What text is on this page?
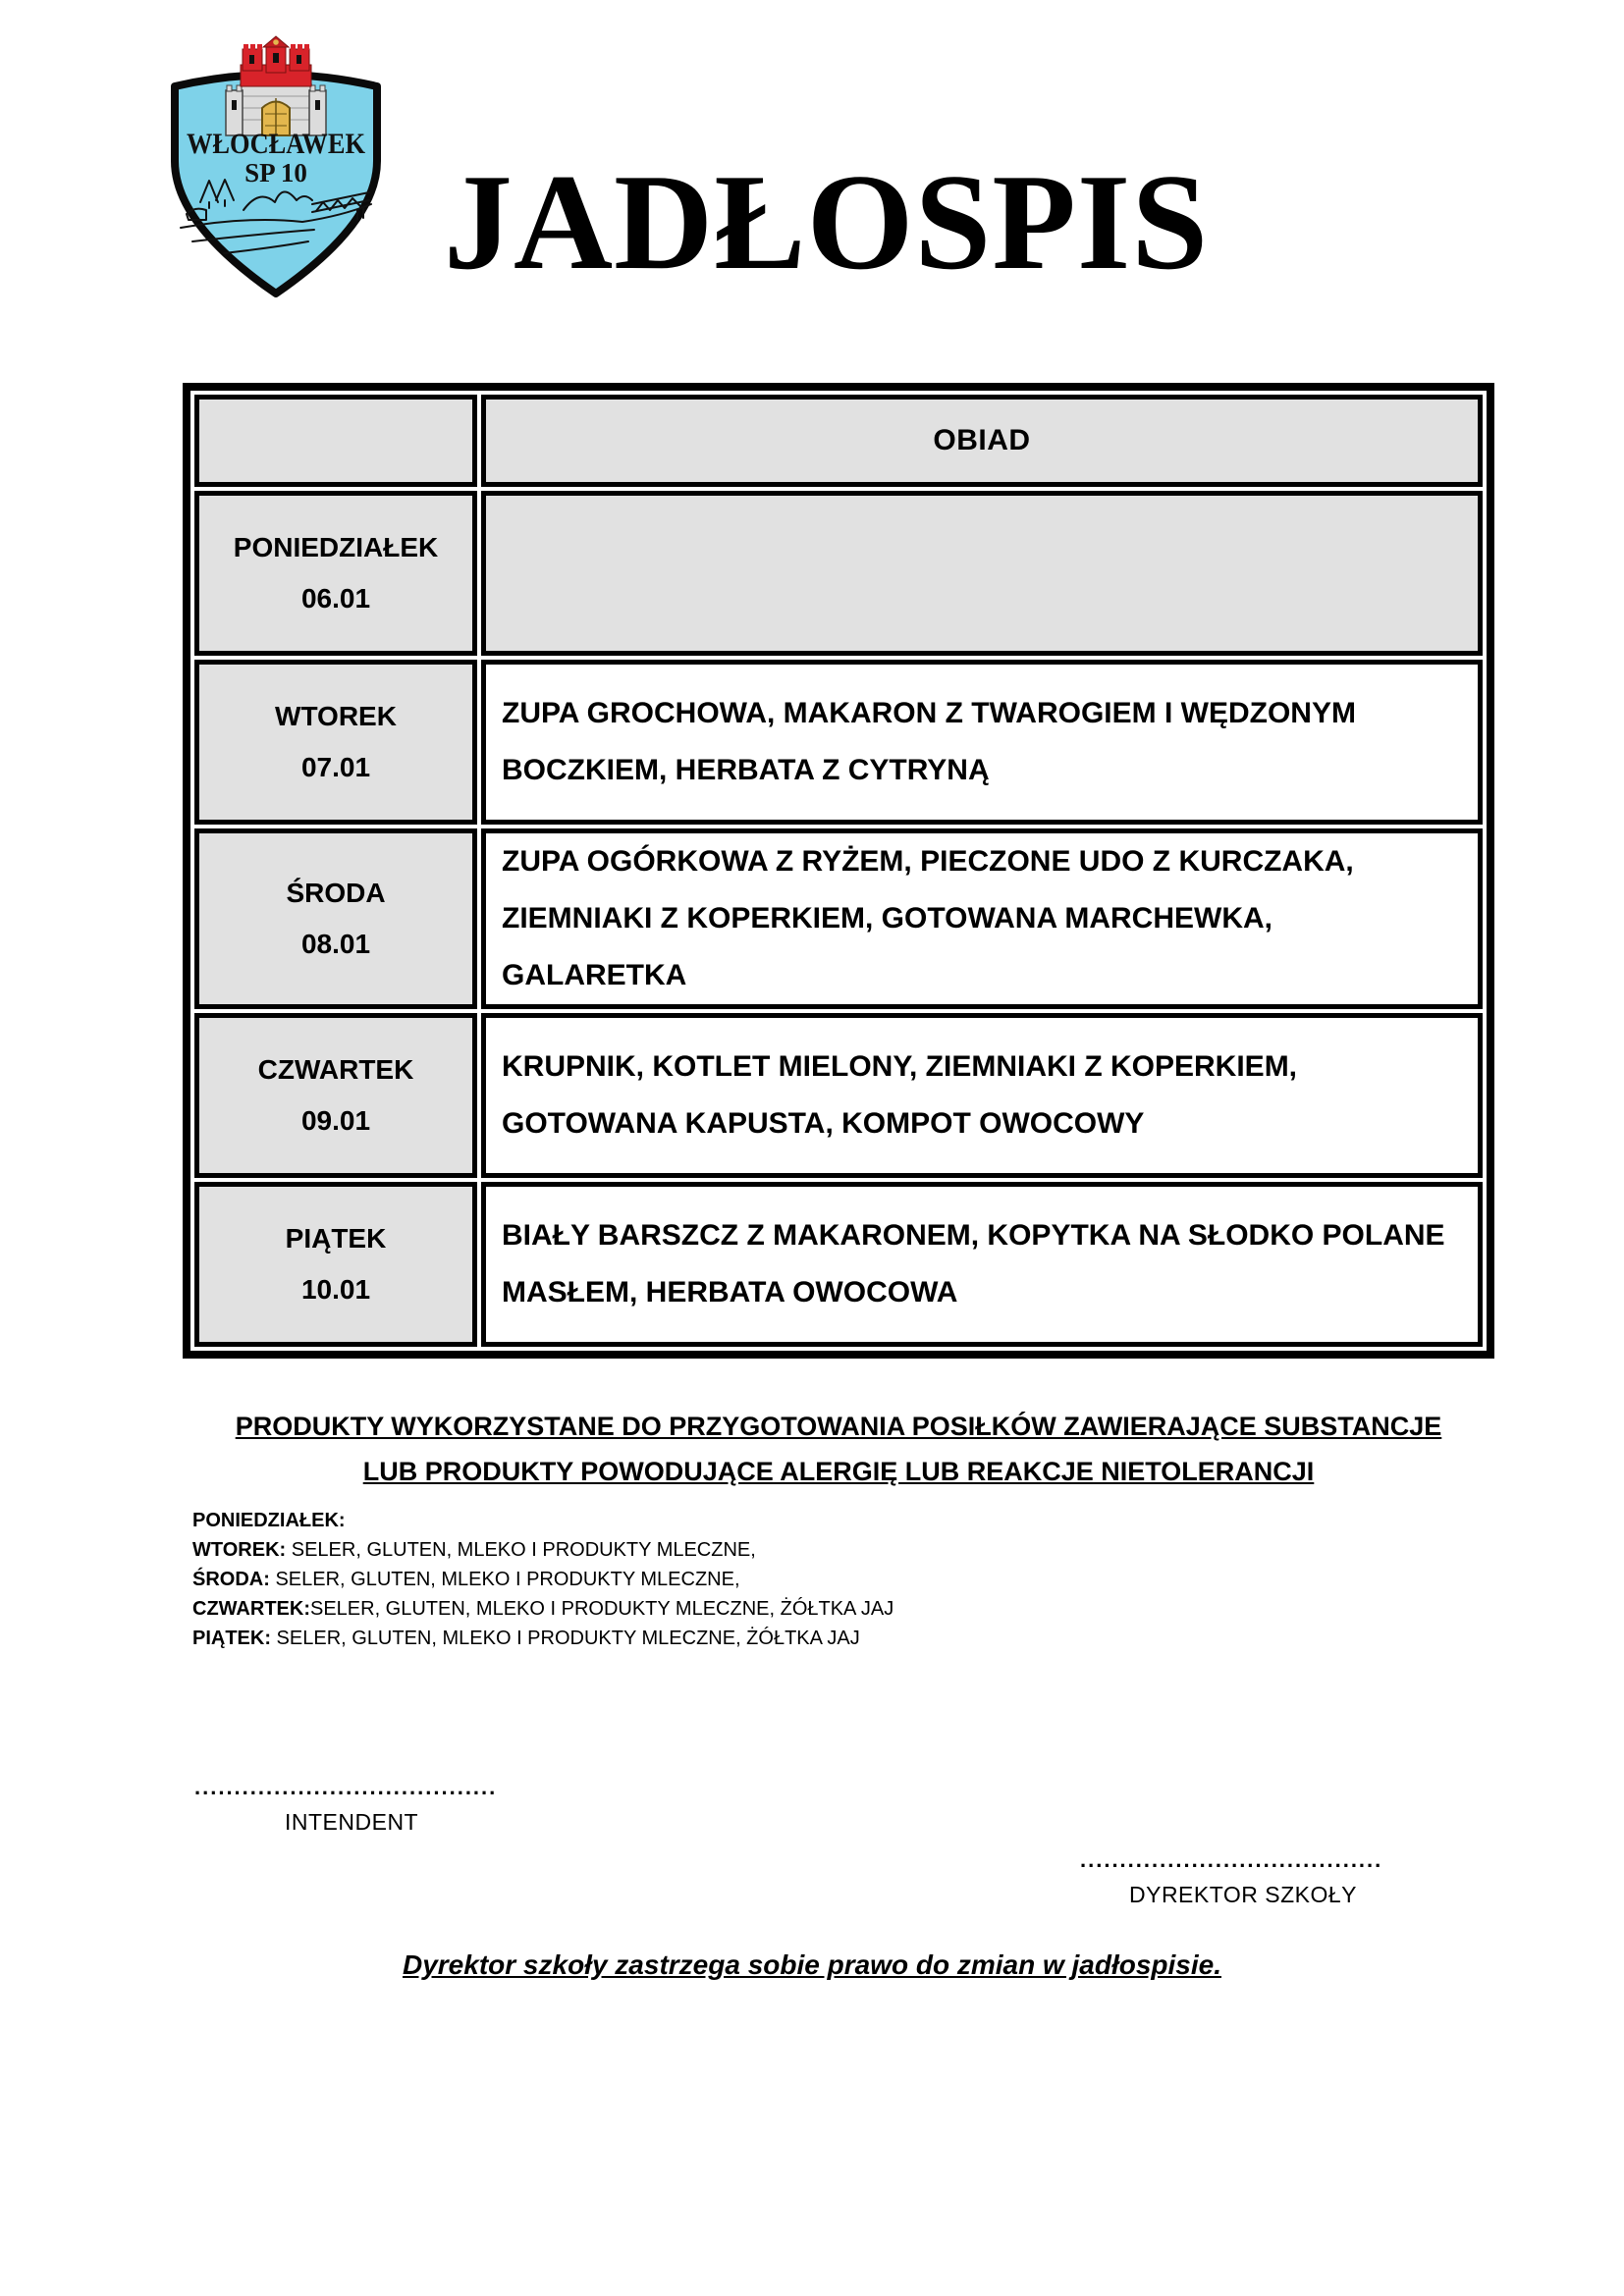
WŁOCŁAWEK
SP 10 JADŁOSPIS
	OBIAD

PONIEDZIAŁEK
06.01	

WTOREK
07.01	ZUPA GROCHOWA, MAKARON Z TWAROGIEM I WĘDZONYM BOCZKIEM, HERBATA Z CYTRYNĄ

ŚRODA
08.01	ZUPA OGÓRKOWA Z RYŻEM, PIECZONE UDO Z KURCZAKA, ZIEMNIAKI Z KOPERKIEM, GOTOWANA MARCHEWKA, GALARETKA

CZWARTEK
09.01	KRUPNIK, KOTLET MIELONY, ZIEMNIAKI Z KOPERKIEM, GOTOWANA KAPUSTA, KOMPOT OWOCOWY

PIĄTEK
10.01	BIAŁY BARSZCZ Z MAKARONEM, KOPYTKA NA SŁODKO POLANE MASŁEM, HERBATA OWOCOWA
PRODUKTY WYKORZYSTANE DO PRZYGOTOWANIA POSIŁKÓW ZAWIERAJĄCE SUBSTANCJE
LUB PRODUKTY POWODUJĄCE ALERGIĘ LUB REAKCJE NIETOLERANCJI
PONIEDZIAŁEK:
WTOREK: SELER, GLUTEN, MLEKO I PRODUKTY MLECZNE,
ŚRODA: SELER, GLUTEN, MLEKO I PRODUKTY MLECZNE,
CZWARTEK:SELER, GLUTEN, MLEKO I PRODUKTY MLECZNE, ŻÓŁTKA JAJ
PIĄTEK: SELER, GLUTEN, MLEKO I PRODUKTY MLECZNE, ŻÓŁTKA JAJ
......................................
INTENDENT
......................................
DYREKTOR SZKOŁY
Dyrektor szkoły zastrzega sobie prawo do zmian w jadłospisie.
